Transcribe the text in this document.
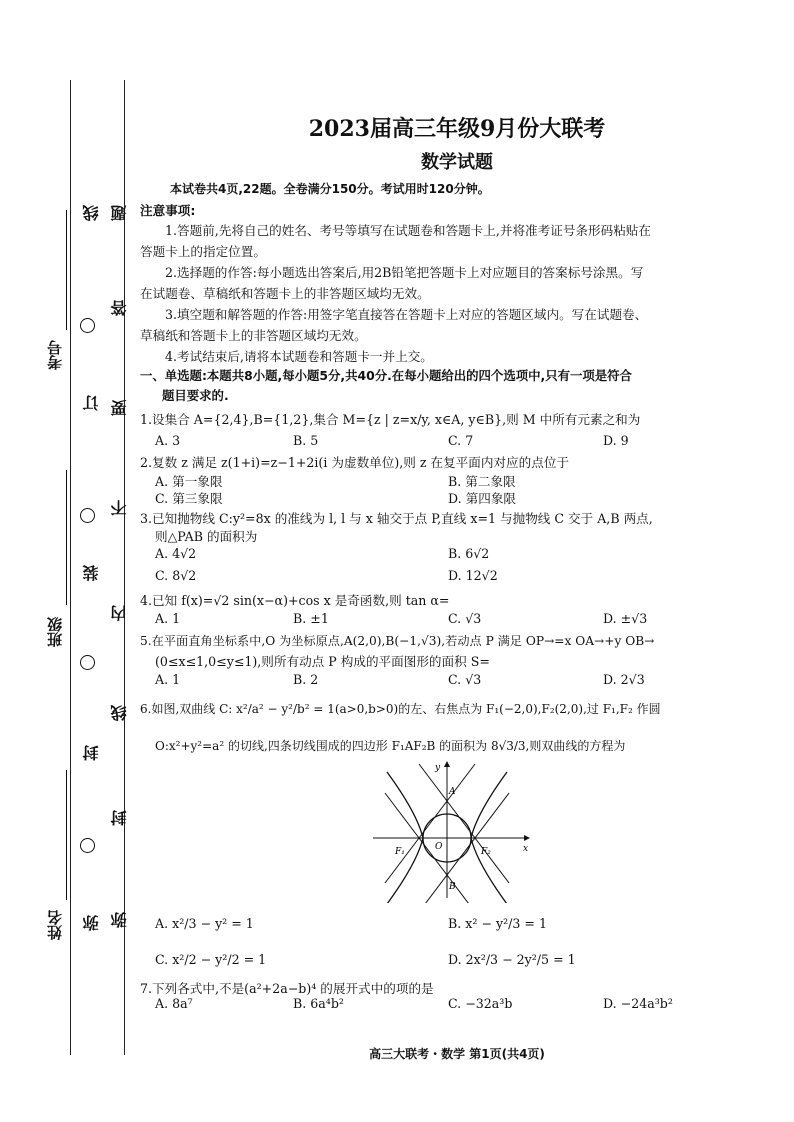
考号
班级
姓名
线
订
装
封
弥
题
答
要
不
内
线
封
弥
2023届高三年级9月份大联考
数学试题
本试卷共4页,22题。全卷满分150分。考试用时120分钟。
注意事项:
1.答题前,先将自己的姓名、考号等填写在试题卷和答题卡上,并将准考证号条形码粘贴在
答题卡上的指定位置。
2.选择题的作答:每小题选出答案后,用2B铅笔把答题卡上对应题目的答案标号涂黑。写
在试题卷、草稿纸和答题卡上的非答题区域均无效。
3.填空题和解答题的作答:用签字笔直接答在答题卡上对应的答题区域内。写在试题卷、
草稿纸和答题卡上的非答题区域均无效。
4.考试结束后,请将本试题卷和答题卡一并上交。
一、单选题:本题共8小题,每小题5分,共40分.在每小题给出的四个选项中,只有一项是符合
题目要求的.
1.设集合 A={2,4},B={1,2},集合 M={z | z=x/y, x∈A, y∈B},则 M 中所有元素之和为
A. 3	B. 5	C. 7	D. 9
2.复数 z 满足 z(1+i)=z−1+2i(i 为虚数单位),则 z 在复平面内对应的点位于
A. 第一象限	B. 第二象限
C. 第三象限	D. 第四象限
3.已知抛物线 C:y²=8x 的准线为 l, l 与 x 轴交于点 P,直线 x=1 与抛物线 C 交于 A,B 两点,
则△PAB 的面积为
A. 4√2	B. 6√2
C. 8√2	D. 12√2
4.已知 f(x)=√2 sin(x−α)+cos x 是奇函数,则 tan α=
A. 1	B. ±1	C. √3	D. ±√3
5.在平面直角坐标系中,O 为坐标原点,A(2,0),B(−1,√3),若动点 P 满足 OP→=x OA→+y OB→
(0≤x≤1,0≤y≤1),则所有动点 P 构成的平面图形的面积 S=
A. 1	B. 2	C. √3	D. 2√3
6.如图,双曲线 C: x²/a² − y²/b² = 1(a>0,b>0)的左、右焦点为 F₁(−2,0),F₂(2,0),过 F₁,F₂ 作圆
O:x²+y²=a² 的切线,四条切线围成的四边形 F₁AF₂B 的面积为 8√3/3,则双曲线的方程为
y
x
A
B
O
F₁	F₂
A. x²/3 − y² = 1	B. x² − y²/3 = 1
C. x²/2 − y²/2 = 1	D. 2x²/3 − 2y²/5 = 1
7.下列各式中,不是(a²+2a−b)⁴ 的展开式中的项的是
A. 8a⁷	B. 6a⁴b²	C. −32a³b	D. −24a³b²
高三大联考・数学 第1页(共4页)
